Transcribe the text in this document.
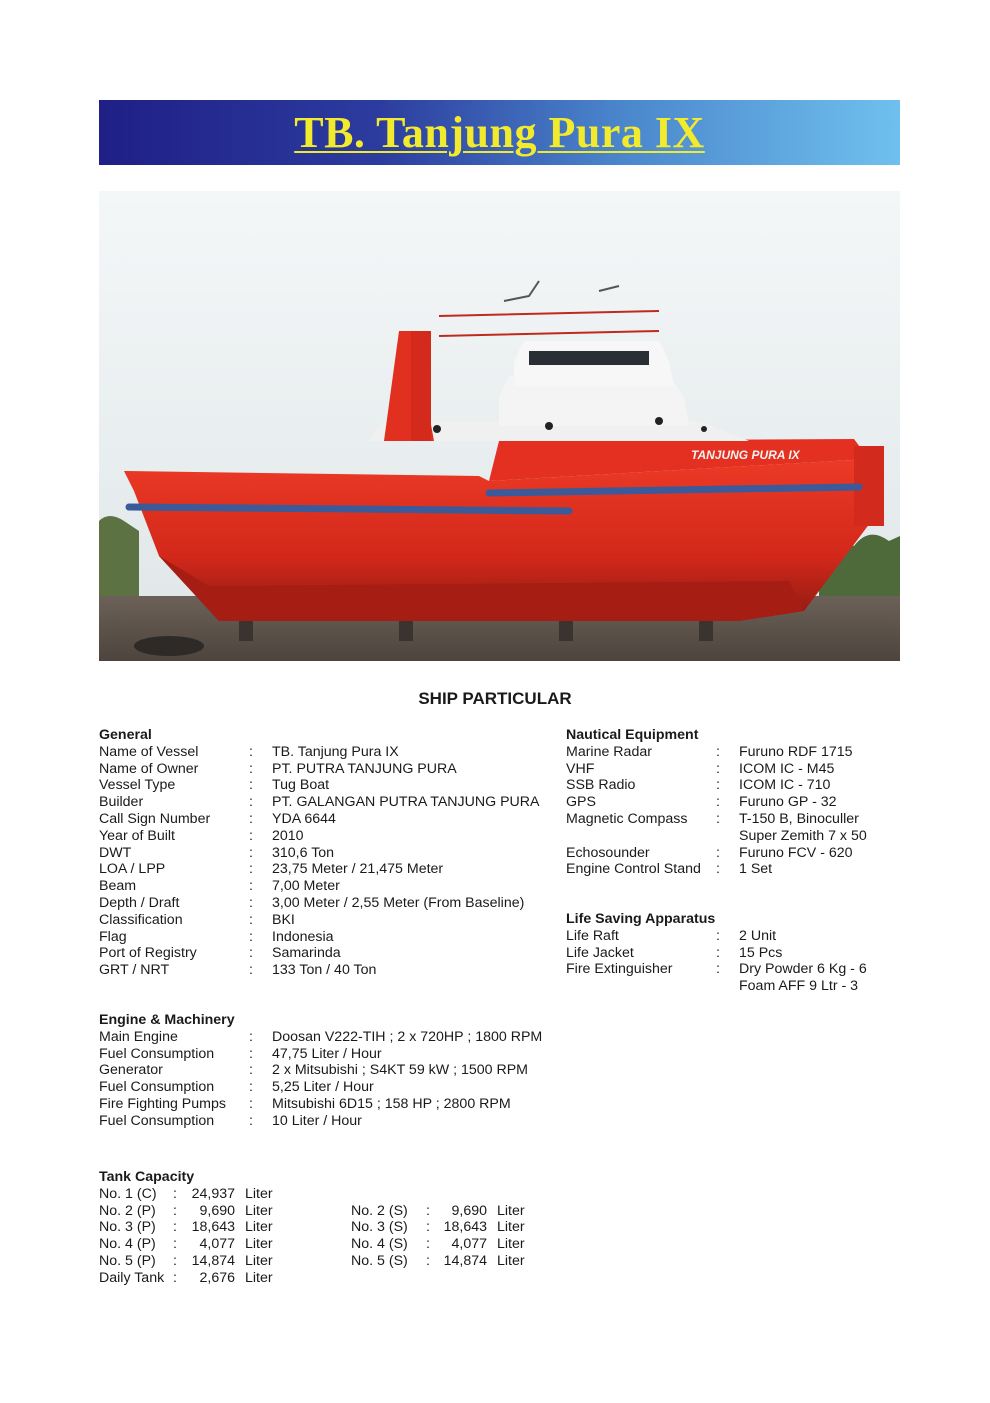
TB. Tanjung Pura IX
TANJUNG PURA IX
SHIP PARTICULAR
General
Name of Vessel	: TB. Tanjung Pura IX
Name of Owner	: PT. PUTRA TANJUNG PURA
Vessel Type	: Tug Boat
Builder	: PT. GALANGAN PUTRA TANJUNG PURA
Call Sign Number	: YDA 6644
Year of Built	: 2010
DWT	: 310,6 Ton
LOA / LPP	: 23,75 Meter / 21,475 Meter
Beam	: 7,00 Meter
Depth / Draft	: 3,00 Meter / 2,55 Meter (From Baseline)
Classification	: BKI
Flag	: Indonesia
Port of Registry	: Samarinda
GRT / NRT	: 133 Ton / 40 Ton
Engine & Machinery
Main Engine	: Doosan V222-TIH ; 2 x 720HP ; 1800 RPM
Fuel Consumption : 47,75 Liter / Hour
Generator	: 2 x Mitsubishi ; S4KT 59 kW ; 1500 RPM
Fuel Consumption : 5,25 Liter / Hour
Fire Fighting Pumps : Mitsubishi 6D15 ; 158 HP ; 2800 RPM
Fuel Consumption : 10 Liter / Hour
Nautical Equipment
Marine Radar	: Furuno RDF 1715
VHF	: ICOM IC - M45
SSB Radio	: ICOM IC - 710
GPS	: Furuno GP - 32
Magnetic Compass : T-150 B, Binoculler
Super Zemith 7 x 50
Echosounder	: Furuno FCV - 620
Engine Control Stand : 1 Set
Life Saving Apparatus
Life Raft	: 2 Unit
Life Jacket	: 15 Pcs
Fire Extinguisher	: Dry Powder 6 Kg - 6
Foam AFF 9 Ltr - 3
Tank Capacity
No. 1 (C) :	24,937 Liter
No. 2 (P) :	9,690 Liter
No. 3 (P) :	18,643 Liter
No. 4 (P) :	4,077 Liter
No. 5 (P) :	14,874 Liter
Daily Tank :	2,676 Liter
No. 2 (S) :	9,690 Liter
No. 3 (S) : 18,643 Liter
No. 4 (S) :	4,077 Liter
No. 5 (S) : 14,874 Liter
